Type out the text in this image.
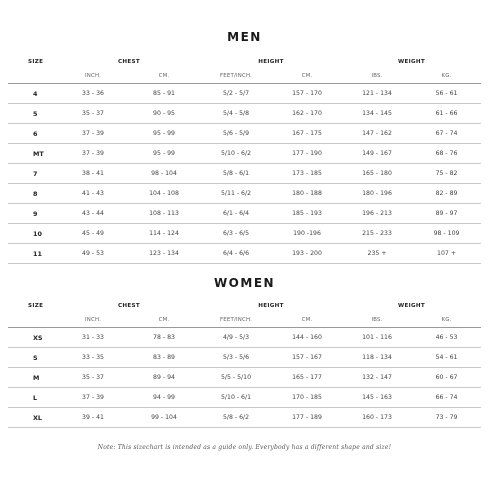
MEN
SIZE	CHEST		HEIGHT		WEIGHT	
	INCH.	CM.	FEET/INCH.	CM.	IBS.	KG.
4	33 - 36	85 - 91	5/2 - 5/7	157 - 170	121 - 134	56 - 61
5	35 - 37	90 - 95	5/4 - 5/8	162 - 170	134 - 145	61 - 66
6	37 - 39	95 - 99	5/6 - 5/9	167 - 175	147 - 162	67 - 74
MT	37 - 39	95 - 99	5/10 - 6/2	177 - 190	149 - 167	68 - 76
7	38 - 41	98 - 104	5/8 - 6/1	173 - 185	165 - 180	75 - 82
8	41 - 43	104 - 108	5/11 - 6/2	180 - 188	180 - 196	82 - 89
9	43 - 44	108 - 113	6/1 - 6/4	185 - 193	196 - 213	89 - 97
10	45 - 49	114 - 124	6/3 - 6/5	190 -196	215 - 233	98 - 109
11	49 - 53	123 - 134	6/4 - 6/6	193 - 200	235 +	107 +
WOMEN
SIZE	CHEST		HEIGHT		WEIGHT	
	INCH.	CM.	FEET/INCH.	CM.	IBS.	KG.
XS	31 - 33	78 - 83	4/9 - 5/3	144 - 160	101 - 116	46 - 53
S	33 - 35	83 - 89	5/3 - 5/6	157 - 167	118 - 134	54 - 61
M	35 - 37	89 - 94	5/5 - 5/10	165 - 177	132 - 147	60 - 67
L	37 - 39	94 - 99	5/10 - 6/1	170 - 185	145 - 163	66 - 74
XL	39 - 41	99 - 104	5/8 - 6/2	177 - 189	160 - 173	73 - 79
Note: This sizechart is intended as a guide only. Everybody has a different shape and size!
